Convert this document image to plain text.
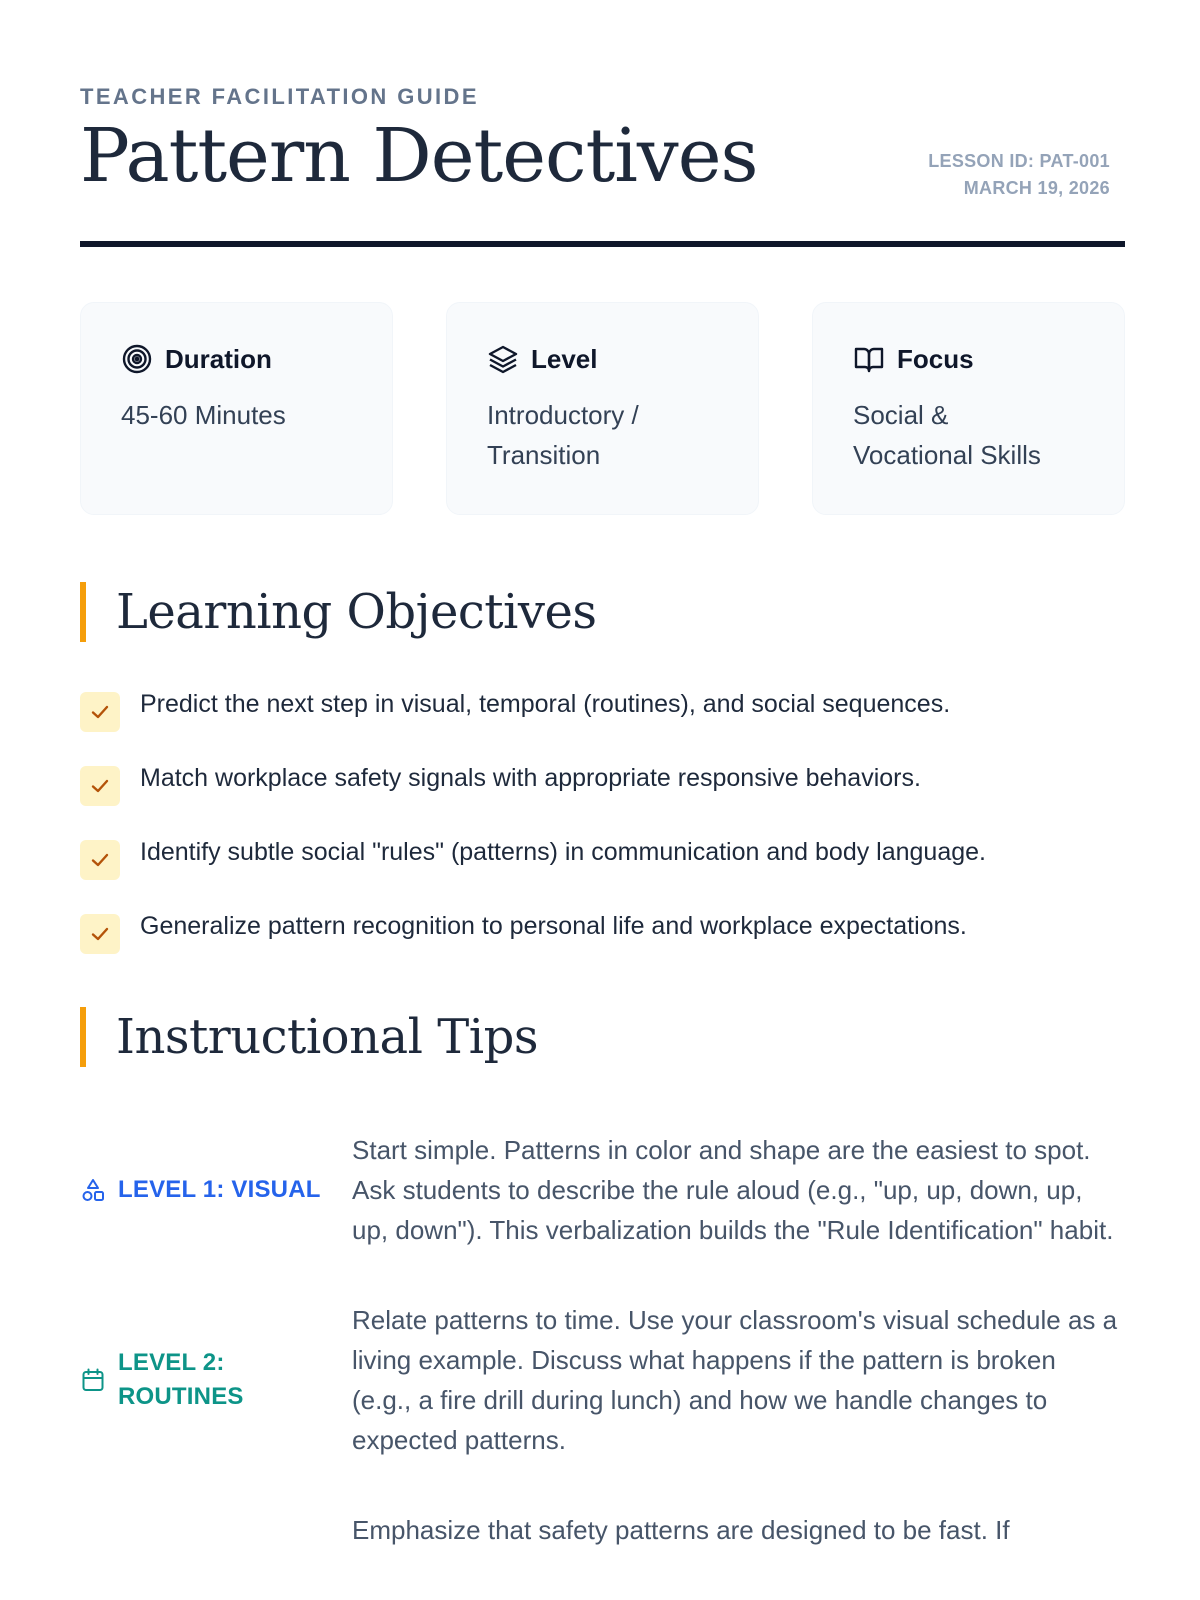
TEACHER FACILITATION GUIDE
Pattern Detectives	LESSON ID: PAT-001
MARCH 19, 2026
Duration
45-60 Minutes
Level
Introductory / Transition
Focus
Social & Vocational Skills
Learning Objectives
Predict the next step in visual, temporal (routines), and social sequences.
Match workplace safety signals with appropriate responsive behaviors.
Identify subtle social "rules" (patterns) in communication and body language.
Generalize pattern recognition to personal life and workplace expectations.
Instructional Tips
LEVEL 1: VISUAL
Start simple. Patterns in color and shape are the easiest to spot. Ask students to describe the rule aloud (e.g., "up, up, down, up, up, down"). This verbalization builds the "Rule Identification" habit.
LEVEL 2: ROUTINES
Relate patterns to time. Use your classroom's visual schedule as a living example. Discuss what happens if the pattern is broken (e.g., a fire drill during lunch) and how we handle changes to expected patterns.
Emphasize that safety patterns are designed to be fast. If
